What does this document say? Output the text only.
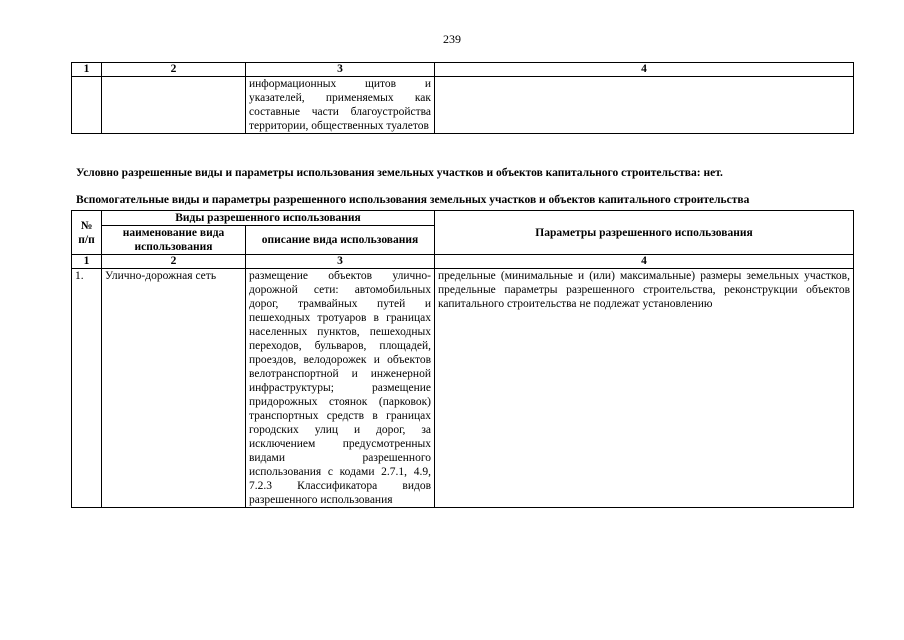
239
1	2	3	4
		информационных щитов и указателей, применяемых как составные части благоустройства территории, общественных туалетов	
Условно разрешенные виды и параметры использования земельных участков и объектов капитального строительства: нет.
Вспомогательные виды и параметры разрешенного использования земельных участков и объектов капитального строительства
№ п/п	Виды разрешенного использования		Параметры разрешенного использования
	наименование вида использования	описание вида использования	
1	2	3	4
1.	Улично-дорожная сеть	размещение объектов улично-дорожной сети: автомобильных дорог, трамвайных путей и пешеходных тротуаров в границах населенных пунктов, пешеходных переходов, бульваров, площадей, проездов, велодорожек и объектов велотранспортной и инженерной инфраструктуры; размещение придорожных стоянок (парковок) транспортных средств в границах городских улиц и дорог, за исключением предусмотренных видами разрешенного использования с кодами 2.7.1, 4.9, 7.2.3 Классификатора видов разрешенного использования	предельные (минимальные и (или) максимальные) размеры земельных участков, предельные параметры разрешенного строительства, реконструкции объектов капитального строительства не подлежат установлению
